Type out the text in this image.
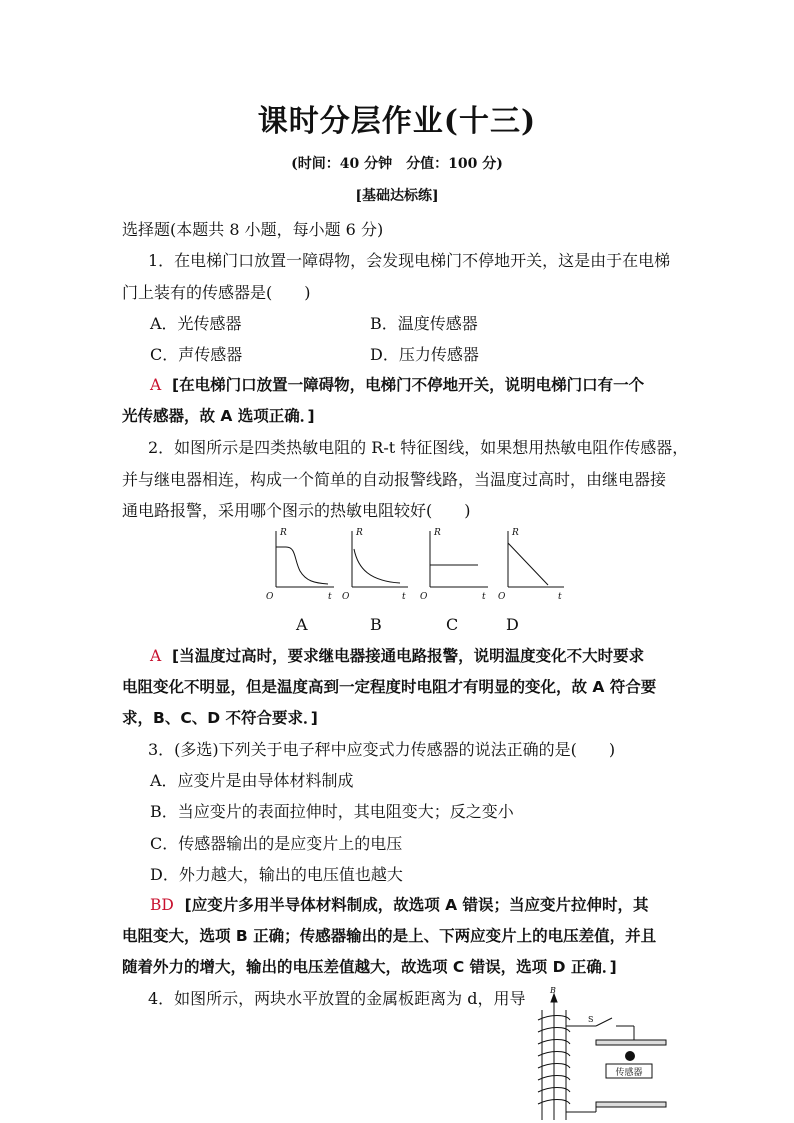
课时分层作业(十三)
(时间：40 分钟　分值：100 分)
[基础达标练]
选择题(本题共 8 小题，每小题 6 分)
1．在电梯门口放置一障碍物，会发现电梯门不停地开关，这是由于在电梯
门上装有的传感器是(　　)
A．光传感器	B．温度传感器
C．声传感器	D．压力传感器
A [在电梯门口放置一障碍物，电梯门不停地开关，说明电梯门口有一个
光传感器，故 A 选项正确．]
2．如图所示是四类热敏电阻的 R-t 特征图线，如果想用热敏电阻作传感器，
并与继电器相连，构成一个简单的自动报警线路，当温度过高时，由继电器接
通电路报警，采用哪个图示的热敏电阻较好(　　)
R
O	t
R
O	t
R
O	t
R
O	t
A	B	C	D
A [当温度过高时，要求继电器接通电路报警，说明温度变化不大时要求
电阻变化不明显，但是温度高到一定程度时电阻才有明显的变化，故 A 符合要
求，B、C、D 不符合要求．]
3．(多选)下列关于电子秤中应变式力传感器的说法正确的是(　　)
A．应变片是由导体材料制成
B．当应变片的表面拉伸时，其电阻变大；反之变小
C．传感器输出的是应变片上的电压
D．外力越大，输出的电压值也越大
BD [应变片多用半导体材料制成，故选项 A 错误；当应变片拉伸时，其
电阻变大，选项 B 正确；传感器输出的是上、下两应变片上的电压差值，并且
随着外力的增大，输出的电压差值越大，故选项 C 错误，选项 D 正确．]
4．如图所示，两块水平放置的金属板距离为 d，用导	B
S
传感器
